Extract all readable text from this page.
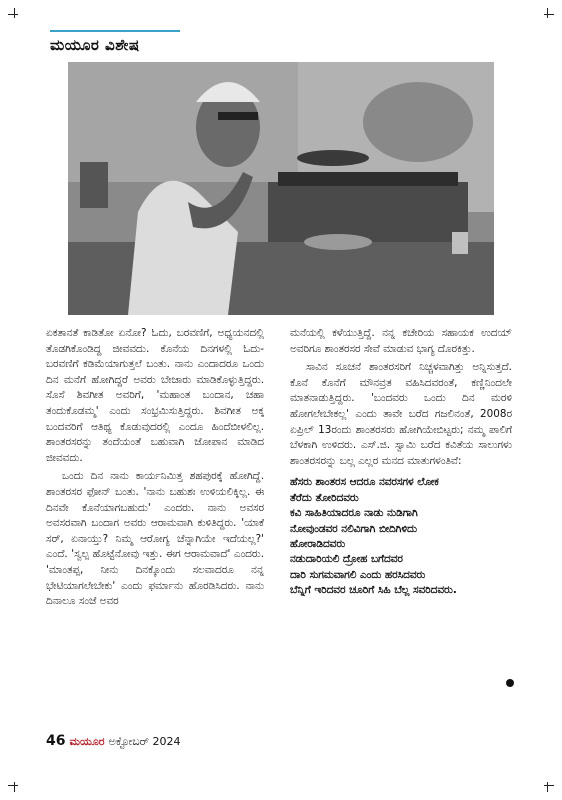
ಮಯೂರ ವಿಶೇಷ

ಏಕತಾನತೆ ಕಾಡಿತೋ ಏನೋ? ಓದು, ಬರವಣಿಗೆ, ಅಧ್ಯಯನದಲ್ಲಿ ತೊಡಗಿಕೊಂಡಿದ್ದ ಜೀವವದು. ಕೊನೆಯ ದಿನಗಳಲ್ಲಿ ಓದು-ಬರವಣಿಗೆ ಕಡಿಮೆಯಾಗುತ್ತಲೆ ಬಂತು. ನಾನು ಎಂದಾದರೂ ಒಂದು ದಿನ ಮನೆಗೆ ಹೋಗಿದ್ದರೆ ಅವರು ಬೇಜಾರು ಮಾಡಿಕೊಳ್ಳುತ್ತಿದ್ದರು. ಸೊಸೆ ಶಿವಗೀತ ಅವರಿಗೆ, 'ಮಹಾಂತ ಬಂದಾನ, ಚಹಾ ತಂದುಕೊಡಮ್ಮ' ಎಂದು ಸಂಭ್ರಮಿಸುತ್ತಿದ್ದರು. ಶಿವಗೀತ ಅಕ್ಕ ಬಂದವರಿಗೆ ಆತಿಥ್ಯ ಕೊಡುವುದರಲ್ಲಿ ಎಂದೂ ಹಿಂದೆಬೀಳಲಿಲ್ಲ. ಶಾಂತರಸರನ್ನು ತಂದೆಯಂತೆ ಬಹುವಾಗಿ ಜೋಪಾನ ಮಾಡಿದ ಜೀವವದು.

ಒಂದು ದಿನ ನಾನು ಕಾರ್ಯನಿಮಿತ್ತ ಶಹಪುರಕ್ಕೆ ಹೋಗಿದ್ದೆ. ಶಾಂತರಸರ ಫೋನ್ ಬಂತು. 'ನಾನು ಬಹುಶಃ ಉಳಿಯಲಿಕ್ಕಿಲ್ಲ. ಈ ದಿನವೇ ಕೊನೆಯಾಗಬಹುದು' ಎಂದರು. ನಾನು ಅವಸರ ಅವಸರವಾಗಿ ಬಂದಾಗ ಅವರು ಆರಾಮವಾಗಿ ಕುಳಿತಿದ್ದರು. 'ಯಾಕೆ ಸರ್, ಏನಾಯ್ತು? ನಿಮ್ಮ ಆರೋಗ್ಯ ಚೆನ್ನಾಗಿಯೇ ಇದೆಯಲ್ಲ?' ಎಂದೆ. 'ಸ್ವಲ್ಪ ಹೊಟ್ಟೆನೋವು ಇತ್ತು. ಈಗ ಆರಾಮವಾದೆ' ಎಂದರು. 'ಮಾಂತಪ್ಪ, ನೀನು ದಿನಕ್ಕೊಂದು ಸಲವಾದರೂ ನನ್ನ ಭೇಟಿಯಾಗಲೇಬೇಕು' ಎಂದು ಫರ್ಮಾನು ಹೊರಡಿಸಿದರು. ನಾನು ದಿನಾಲೂ ಸಂಜೆ ಅವರ

ಮನೆಯಲ್ಲಿ ಕಳೆಯುತ್ತಿದ್ದೆ. ನನ್ನ ಕಚೇರಿಯ ಸಹಾಯಕ ಉದಯ್ ಅವರಿಗೂ ಶಾಂತರಸರ ಸೇವೆ ಮಾಡುವ ಭಾಗ್ಯ ದೊರಕಿತ್ತು.

ಸಾವಿನ ಸೂಚನೆ ಶಾಂತರಸರಿಗೆ ನಿಚ್ಚಳವಾಗಿತ್ತು ಅನ್ನಿಸುತ್ತದೆ. ಕೊನೆ ಕೊನೆಗೆ ಮೌನವ್ರತ ವಹಿಸಿದವರಂತೆ, ಕಣ್ಣಿನಿಂದಲೇ ಮಾತನಾಡುತ್ತಿದ್ದರು. 'ಬಂದವರು ಒಂದು ದಿನ ಮರಳಿ ಹೋಗಲೇಬೇಕಲ್ಲ' ಎಂದು ತಾವೇ ಬರೆದ ಗಜಲಿನಂತೆ, 2008ರ ಏಪ್ರಿಲ್ 13ರಂದು ಶಾಂತರಸರು ಹೋಗಿಯೇಬಿಟ್ಟರು; ನಮ್ಮ ಪಾಲಿಗೆ ಬೆಳಕಾಗಿ ಉಳಿದರು. ಎಸ್.ಜಿ. ಸ್ವಾಮಿ ಬರೆದ ಕವಿತೆಯ ಸಾಲುಗಳು ಶಾಂತರಸರನ್ನು ಬಲ್ಲ ಎಲ್ಲರ ಮನದ ಮಾತುಗಳಂತಿವೆ:

ಹೆಸರು ಶಾಂತರಸ ಆದರೂ ನವರಸಗಳ ಲೋಕ
ತೆರೆದು ತೋರಿದವರು
ಕವಿ ಸಾಹಿತಿಯಾದರೂ ನಾಡು ನುಡಿಗಾಗಿ
ನೋವುಂಡವರ ನಲಿವಿಗಾಗಿ ಬೀದಿಗಿಳಿದು
ಹೋರಾಡಿದವರು
ನಡುದಾರಿಯಲಿ ದ್ರೋಹ ಬಗೆದವರ
ದಾರಿ ಸುಗಮವಾಗಲಿ ಎಂದು ಹರಸಿದವರು
ಬೆನ್ನಿಗೆ ಇರಿದವರ ಚೂರಿಗೆ ಸಿಹಿ ಬೆಲ್ಲ ಸವರಿದವರು.
46 ಮಯೂರ ಅಕ್ಟೋಬರ್ 2024
